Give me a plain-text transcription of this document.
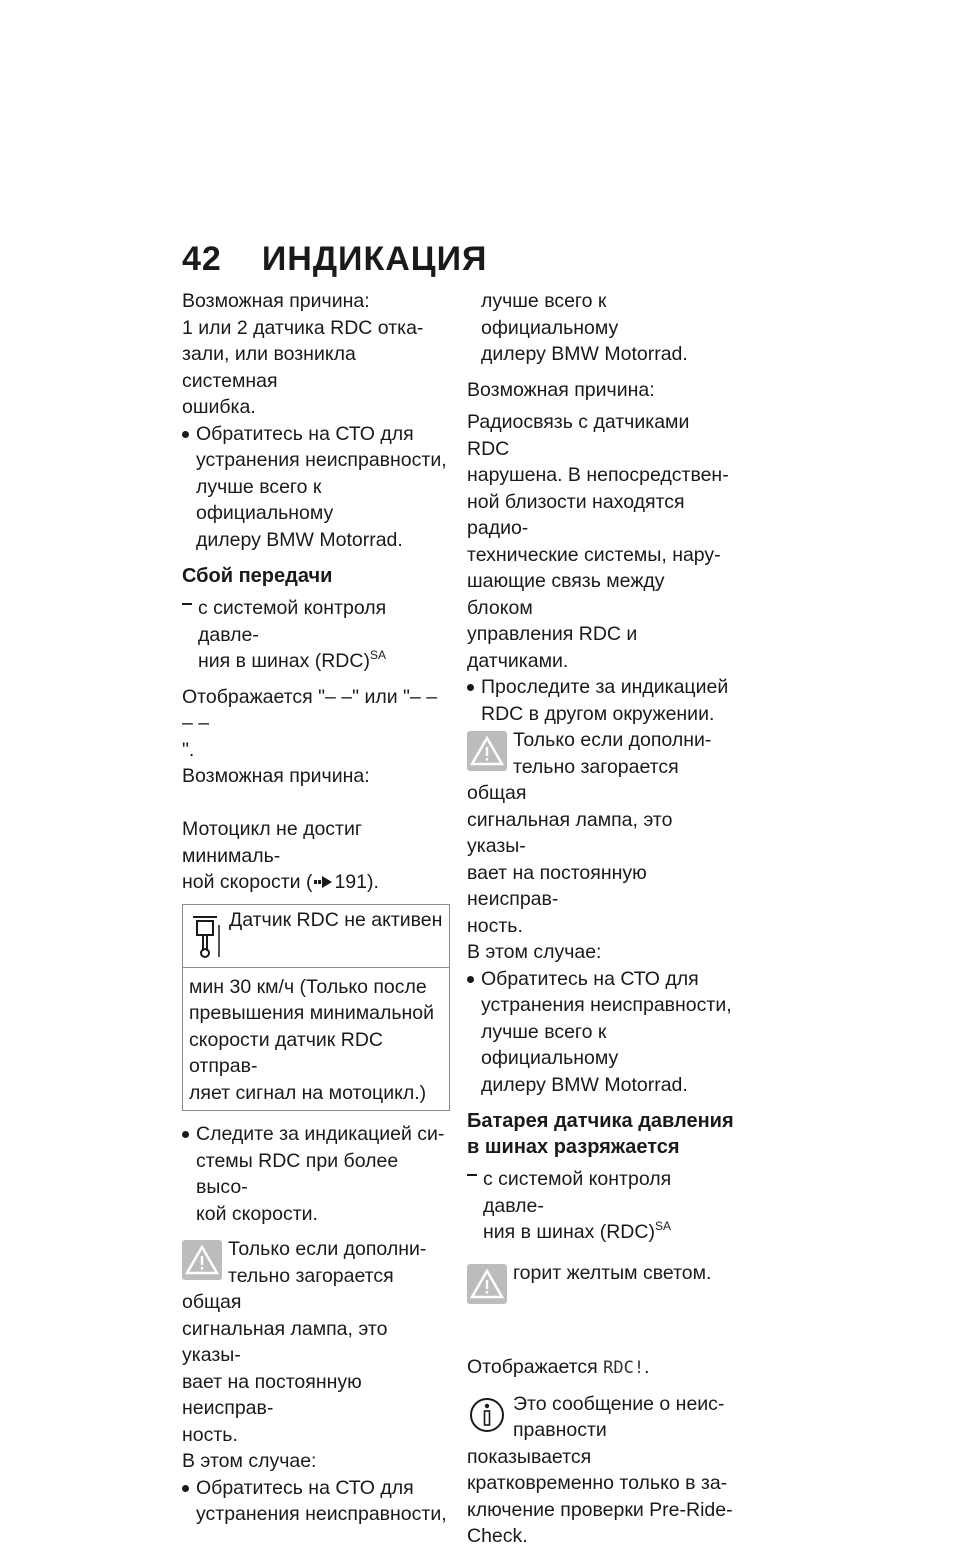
42 ИНДИКАЦИЯ
Возможная причина:
1 или 2 датчика RDC отка-
зали, или возникла системная
ошибка.
Обратитесь на СТО для
устранения неисправности,
лучше всего к официальному
дилеру BMW Motorrad.
Сбой передачи
с системой контроля давле-
ния в шинах (RDC)$^{SA}$
Отображается "– –" или "– – – –
".
Возможная причина:

Мотоцикл не достиг минималь-
ной скорости ( 191).

Датчик RDC не активен
мин 30 км/ч (Только после
превышения минимальной
скорости датчик RDC отправ-
ляет сигнал на мотоцикл.)
Следите за индикацией си-
стемы RDC при более высо-
кой скорости.
Только если дополни-
тельно загорается общая
сигнальная лампа, это указы-
вает на постоянную неисправ-
ность.
В этом случае:
Обратитесь на СТО для
устранения неисправности,
лучше всего к официальному
дилеру BMW Motorrad.
Возможная причина:
Радиосвязь с датчиками RDC
нарушена. В непосредствен-
ной близости находятся радио-
технические системы, нару-
шающие связь между блоком
управления RDC и датчиками.
Проследите за индикацией
RDC в другом окружении.
Только если дополни-
тельно загорается общая
сигнальная лампа, это указы-
вает на постоянную неисправ-
ность.
В этом случае:
Обратитесь на СТО для
устранения неисправности,
лучше всего к официальному
дилеру BMW Motorrad.
Батарея датчика давления
в шинах разряжается
с системой контроля давле-
ния в шинах (RDC)$^{SA}$
горит желтым светом.

Отображается RDC!.

Это сообщение о неис-
правности показывается
кратковременно только в за-
ключение проверки Pre-Ride-
Check.
